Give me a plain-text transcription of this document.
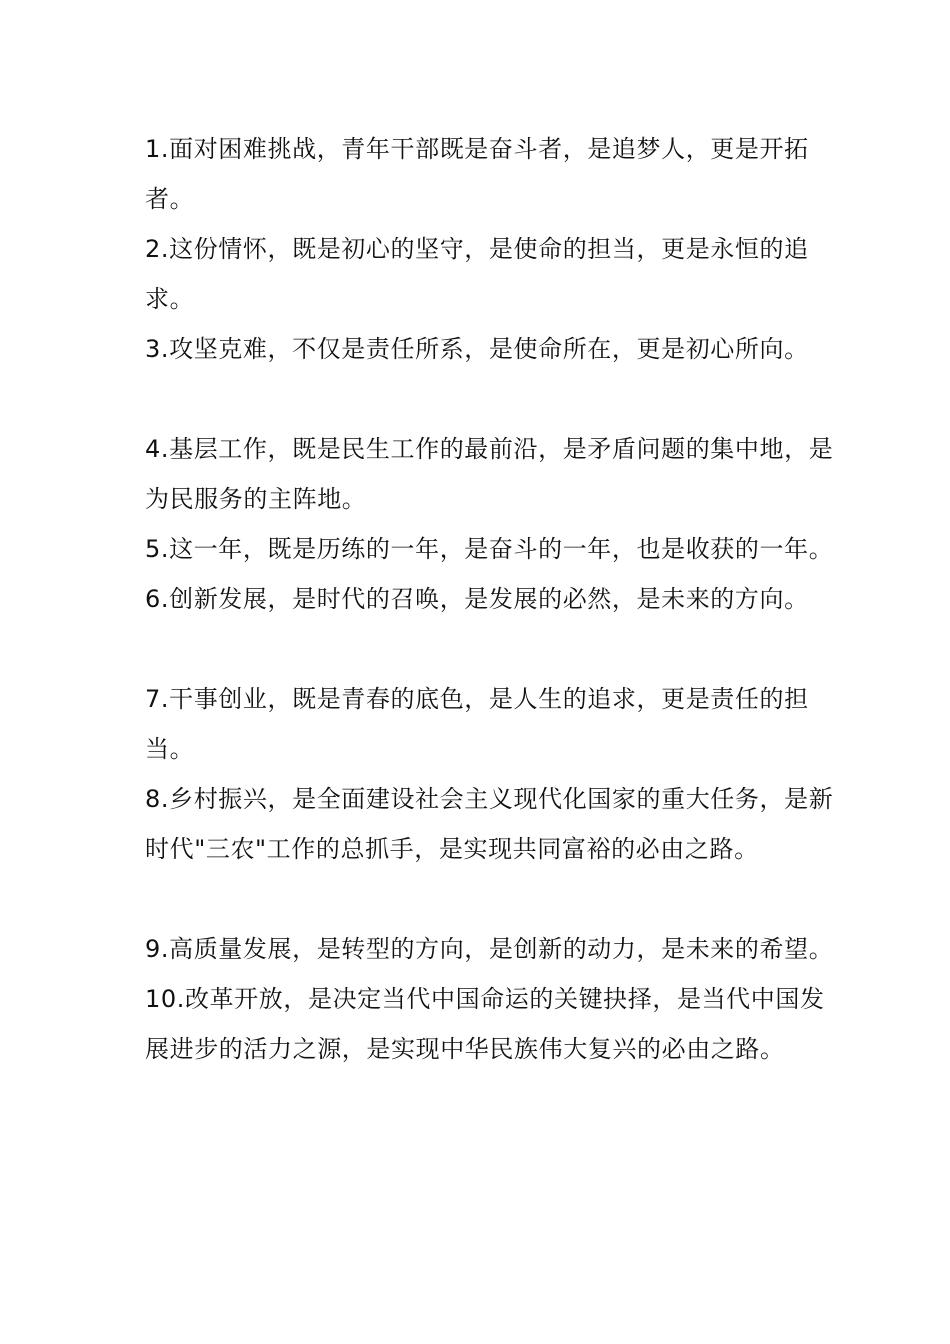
1.面对困难挑战，青年干部既是奋斗者，是追梦人，更是开拓者。

2.这份情怀，既是初心的坚守，是使命的担当，更是永恒的追求。

3.攻坚克难，不仅是责任所系，是使命所在，更是初心所向。

4.基层工作，既是民生工作的最前沿，是矛盾问题的集中地，是为民服务的主阵地。

5.这一年，既是历练的一年，是奋斗的一年，也是收获的一年。

6.创新发展，是时代的召唤，是发展的必然，是未来的方向。

7.干事创业，既是青春的底色，是人生的追求，更是责任的担当。

8.乡村振兴，是全面建设社会主义现代化国家的重大任务，是新时代"三农"工作的总抓手，是实现共同富裕的必由之路。

9.高质量发展，是转型的方向，是创新的动力，是未来的希望。

10.改革开放，是决定当代中国命运的关键抉择，是当代中国发展进步的活力之源，是实现中华民族伟大复兴的必由之路。
